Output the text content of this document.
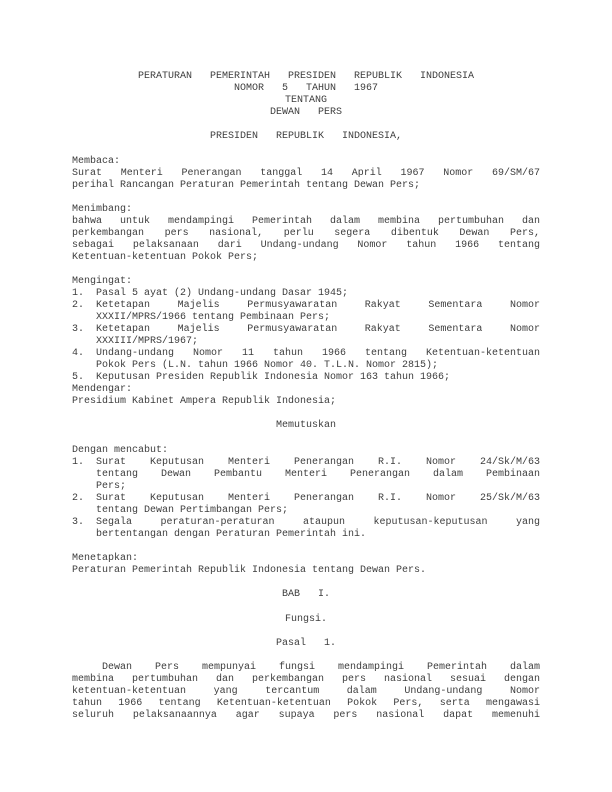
PERATURAN PEMERINTAH PRESIDEN REPUBLIK INDONESIA
NOMOR 5 TAHUN 1967
TENTANG
DEWAN PERS
PRESIDEN REPUBLIK INDONESIA,
Membaca:
Surat Menteri Penerangan tanggal 14 April 1967 Nomor 69/SM/67
perihal Rancangan Peraturan Pemerintah tentang Dewan Pers;
Menimbang:
bahwa untuk mendampingi Pemerintah dalam membina pertumbuhan dan
perkembangan pers nasional, perlu segera dibentuk Dewan Pers,
sebagai pelaksanaan dari Undang-undang Nomor tahun 1966 tentang
Ketentuan-ketentuan Pokok Pers;
Mengingat:
1.	Pasal 5 ayat (2) Undang-undang Dasar 1945;
2.	Ketetapan Majelis Permusyawaratan Rakyat Sementara Nomor
XXXII/MPRS/1966 tentang Pembinaan Pers;
3.	Ketetapan Majelis Permusyawaratan Rakyat Sementara Nomor
XXXIII/MPRS/1967;
4.	Undang-undang Nomor 11 tahun 1966 tentang Ketentuan-ketentuan
Pokok Pers (L.N. tahun 1966 Nomor 40. T.L.N. Nomor 2815);
5.	Keputusan Presiden Republik Indonesia Nomor 163 tahun 1966;
Mendengar:
Presidium Kabinet Ampera Republik Indonesia;
Memutuskan
Dengan mencabut:
1.	Surat Keputusan Menteri Penerangan R.I. Nomor 24/Sk/M/63
tentang Dewan Pembantu Menteri Penerangan dalam Pembinaan
Pers;
2.	Surat Keputusan Menteri Penerangan R.I. Nomor 25/Sk/M/63
tentang Dewan Pertimbangan Pers;
3.	Segala peraturan-peraturan ataupun keputusan-keputusan yang
bertentangan dengan Peraturan Pemerintah ini.
Menetapkan:
Peraturan Pemerintah Republik Indonesia tentang Dewan Pers.
BAB I.
Fungsi.
Pasal 1.
Dewan Pers mempunyai fungsi mendampingi Pemerintah dalam
membina pertumbuhan dan perkembangan pers nasional sesuai dengan
ketentuan-ketentuan yang tercantum dalam Undang-undang Nomor
tahun 1966 tentang Ketentuan-ketentuan Pokok Pers, serta mengawasi
seluruh pelaksanaannya agar supaya pers nasional dapat memenuhi
